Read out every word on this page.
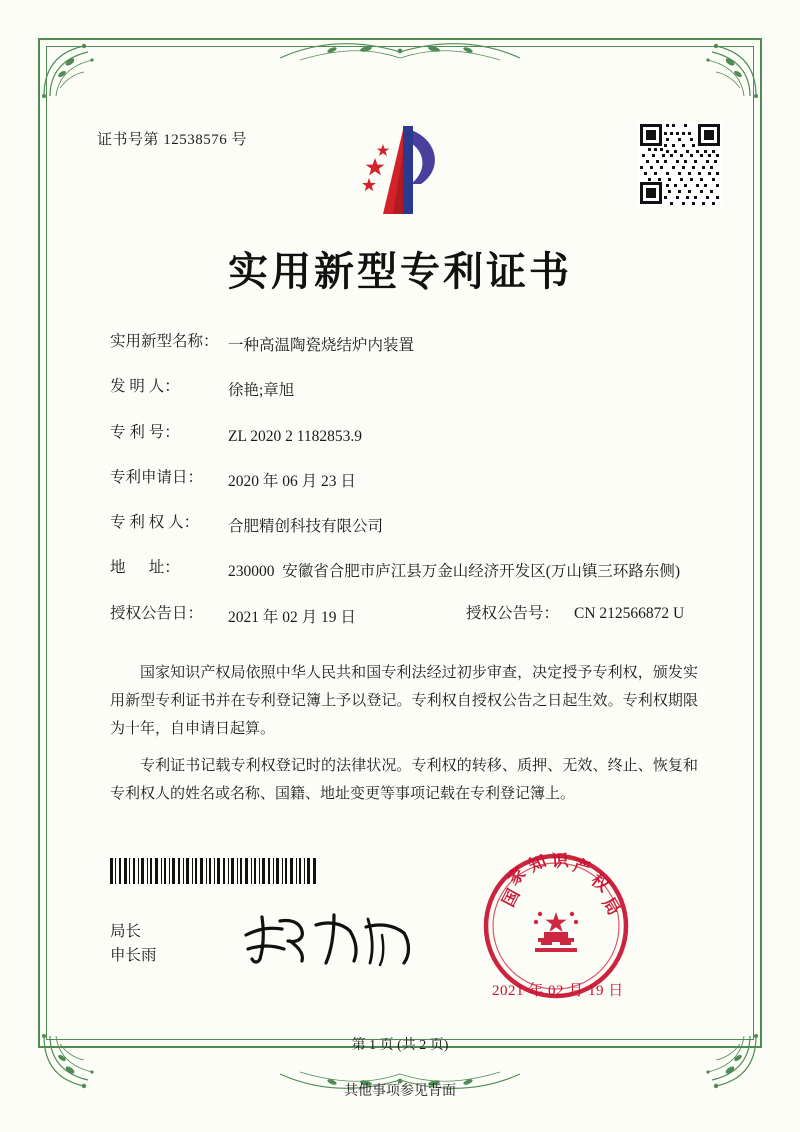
证书号第 12538576 号
实用新型专利证书
实用新型名称： 一种高温陶瓷烧结炉内装置
发 明 人：	徐艳;章旭
专 利 号：	ZL 2020 2 1182853.9
专利申请日：	2020 年 06 月 23 日
专 利 权 人：	合肥精创科技有限公司
地      址：	230000  安徽省合肥市庐江县万金山经济开发区(万山镇三环路东侧)
授权公告日：	2021 年 02 月 19 日	授权公告号： CN 212566872 U

国家知识产权局依照中华人民共和国专利法经过初步审查，决定授予专利权，颁发实用新型专利证书并在专利登记簿上予以登记。专利权自授权公告之日起生效。专利权期限为十年，自申请日起算。

专利证书记载专利权登记时的法律状况。专利权的转移、质押、无效、终止、恢复和专利权人的姓名或名称、国籍、地址变更等事项记载在专利登记簿上。

局长
申长雨
国
家
知 识 产
权
局
2021 年 02 月 19 日
第 1 页 (共 2 页)
其他事项参见背面
